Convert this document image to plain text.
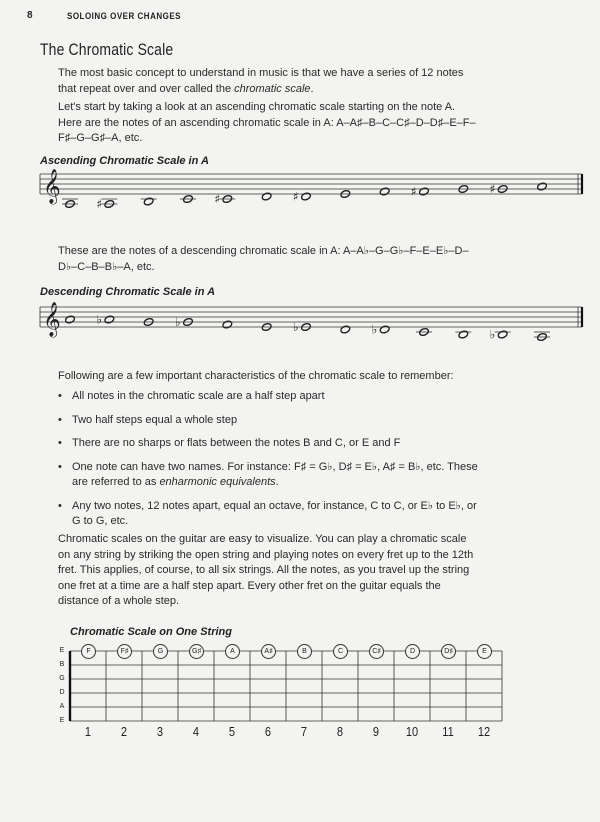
8	SOLOING OVER CHANGES
The Chromatic Scale
The most basic concept to understand in music is that we have a series of 12 notes that repeat over and over called the chromatic scale.
Let's start by taking a look at an ascending chromatic scale starting on the note A. Here are the notes of an ascending chromatic scale in A: A–A♯–B–C–C♯–D–D♯–E–F–F♯–G–G♯–A, etc.
Ascending Chromatic Scale in A
These are the notes of a descending chromatic scale in A: A–A♭–G–G♭–F–E–E♭–D–D♭–C–B–B♭–A, etc.
Descending Chromatic Scale in A
𝄞	♯	♯	♯	♯	♯
𝄞	♭	♭	♭	♭	♭
Following are a few important characteristics of the chromatic scale to remember:
• All notes in the chromatic scale are a half step apart
• Two half steps equal a whole step
• There are no sharps or flats between the notes B and C, or E and F
• One note can have two names. For instance: F♯ = G♭, D♯ = E♭, A♯ = B♭, etc. These are referred to as enharmonic equivalents.
• Any two notes, 12 notes apart, equal an octave, for instance, C to C, or E♭ to E♭, or G to G, etc.
Chromatic scales on the guitar are easy to visualize. You can play a chromatic scale on any string by striking the open string and playing notes on every fret up to the 12th fret. This applies, of course, to all six strings. All the notes, as you travel up the string one fret at a time are a half step apart. Every other fret on the guitar equals the distance of a whole step.
Chromatic Scale on One String
E
B
G
D
A
E
F	F♯	G	G♯	A	A♯	B	C	C♯	D	D♯	E
1	2	3	4	5	6	7	8	9	10 11 12
